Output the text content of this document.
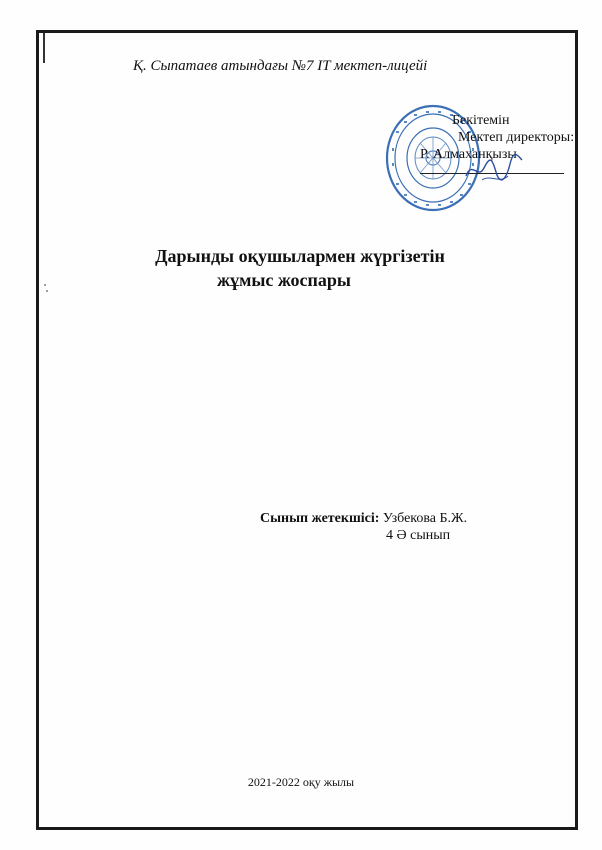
Қ. Сыпатаев атындағы №7 IT мектеп-лицейі
Бекітемін
Мектеп директоры:
Р. Алмаханқызы
Дарынды оқушылармен жүргізетін
жұмыс жоспары
Сынып жетекшісі: Узбекова Б.Ж.
4 Ә сынып
2021-2022 оқу жылы
